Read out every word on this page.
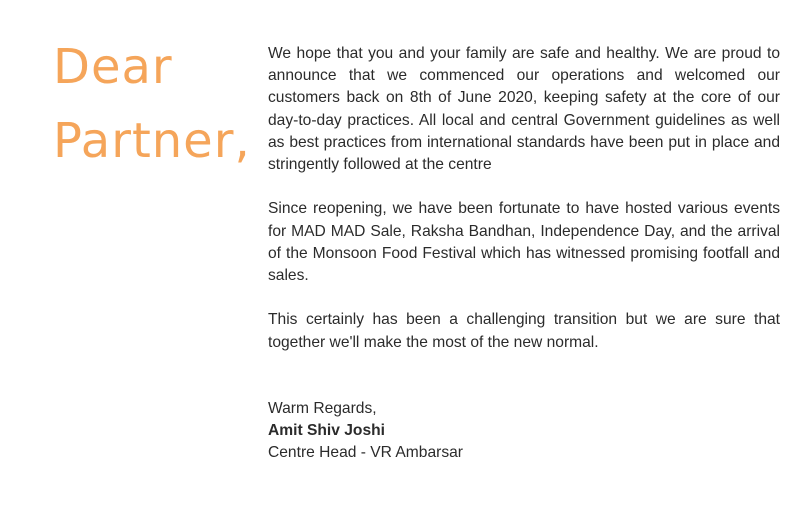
Dear
Partner,

We hope that you and your family are safe and healthy. We are proud to announce that we commenced our operations and welcomed our customers back on 8th of June 2020, keeping safety at the core of our day-to-day practices. All local and central Government guidelines as well as best practices from international standards have been put in place and stringently followed at the centre

Since reopening, we have been fortunate to have hosted various events for MAD MAD Sale, Raksha Bandhan, Independence Day, and the arrival of the Monsoon Food Festival which has witnessed promising footfall and sales.

This certainly has been a challenging transition but we are sure that together we'll make the most of the new normal.

Warm Regards,
Amit Shiv Joshi
Centre Head - VR Ambarsar
